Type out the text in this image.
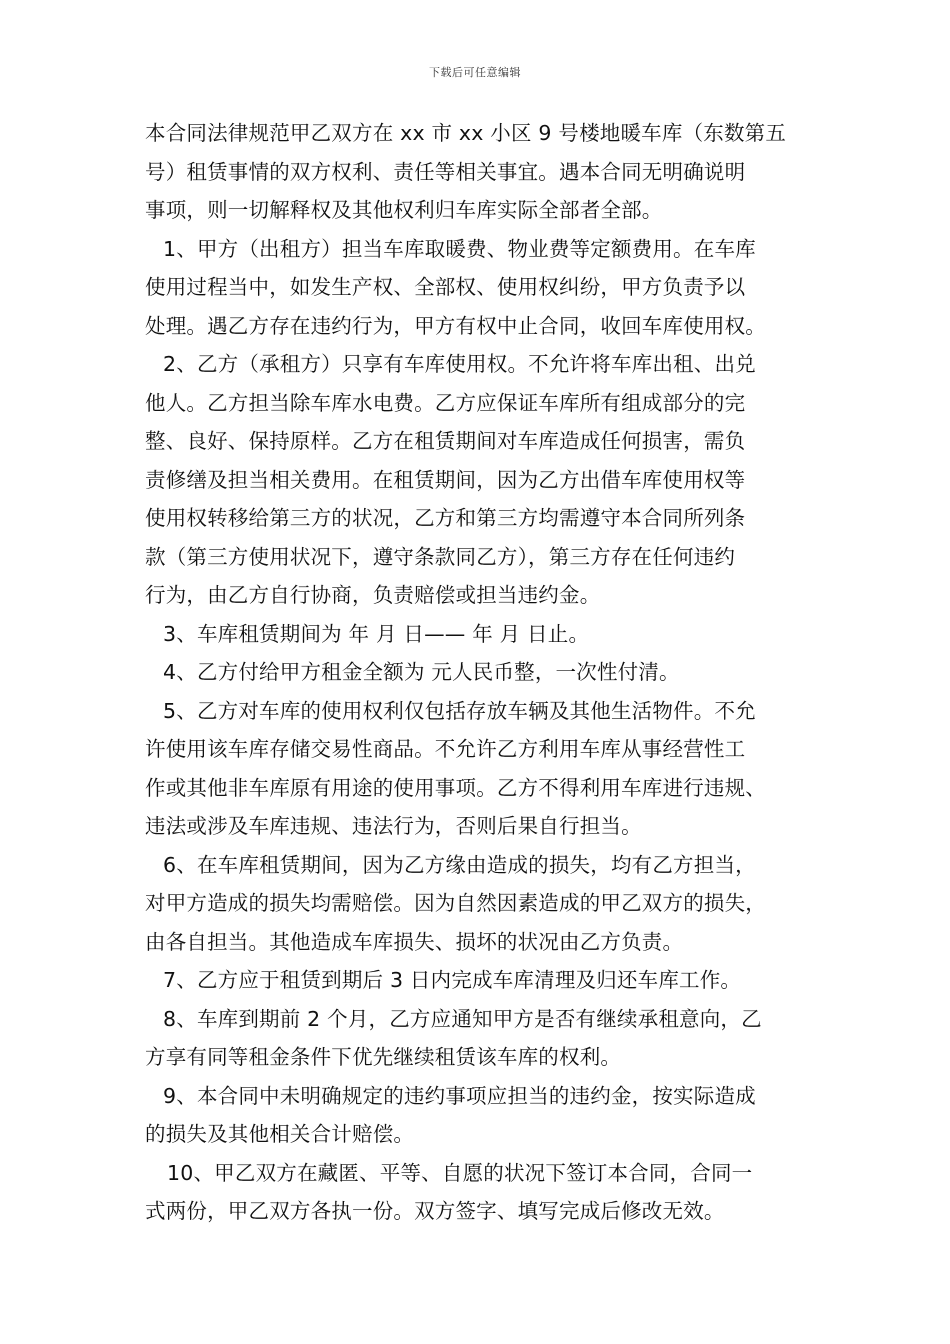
下载后可任意编辑
本合同法律规范甲乙双方在 xx 市 xx 小区 9 号楼地暖车库（东数第五
号）租赁事情的双方权利、责任等相关事宜。遇本合同无明确说明
事项，则一切解释权及其他权利归车库实际全部者全部。
1、甲方（出租方）担当车库取暖费、物业费等定额费用。在车库
使用过程当中，如发生产权、全部权、使用权纠纷，甲方负责予以
处理。遇乙方存在违约行为，甲方有权中止合同，收回车库使用权。
2、乙方（承租方）只享有车库使用权。不允许将车库出租、出兑
他人。乙方担当除车库水电费。乙方应保证车库所有组成部分的完
整、良好、保持原样。乙方在租赁期间对车库造成任何损害，需负
责修缮及担当相关费用。在租赁期间，因为乙方出借车库使用权等
使用权转移给第三方的状况，乙方和第三方均需遵守本合同所列条
款（第三方使用状况下，遵守条款同乙方），第三方存在任何违约
行为，由乙方自行协商，负责赔偿或担当违约金。
3、车库租赁期间为 年 月 日—— 年 月 日止。
4、乙方付给甲方租金全额为 元人民币整，一次性付清。
5、乙方对车库的使用权利仅包括存放车辆及其他生活物件。不允
许使用该车库存储交易性商品。不允许乙方利用车库从事经营性工
作或其他非车库原有用途的使用事项。乙方不得利用车库进行违规、
违法或涉及车库违规、违法行为，否则后果自行担当。
6、在车库租赁期间，因为乙方缘由造成的损失，均有乙方担当，
对甲方造成的损失均需赔偿。因为自然因素造成的甲乙双方的损失，
由各自担当。其他造成车库损失、损坏的状况由乙方负责。
7、乙方应于租赁到期后 3 日内完成车库清理及归还车库工作。
8、车库到期前 2 个月，乙方应通知甲方是否有继续承租意向，乙
方享有同等租金条件下优先继续租赁该车库的权利。
9、本合同中未明确规定的违约事项应担当的违约金，按实际造成
的损失及其他相关合计赔偿。
10、甲乙双方在藏匿、平等、自愿的状况下签订本合同，合同一
式两份，甲乙双方各执一份。双方签字、填写完成后修改无效。
